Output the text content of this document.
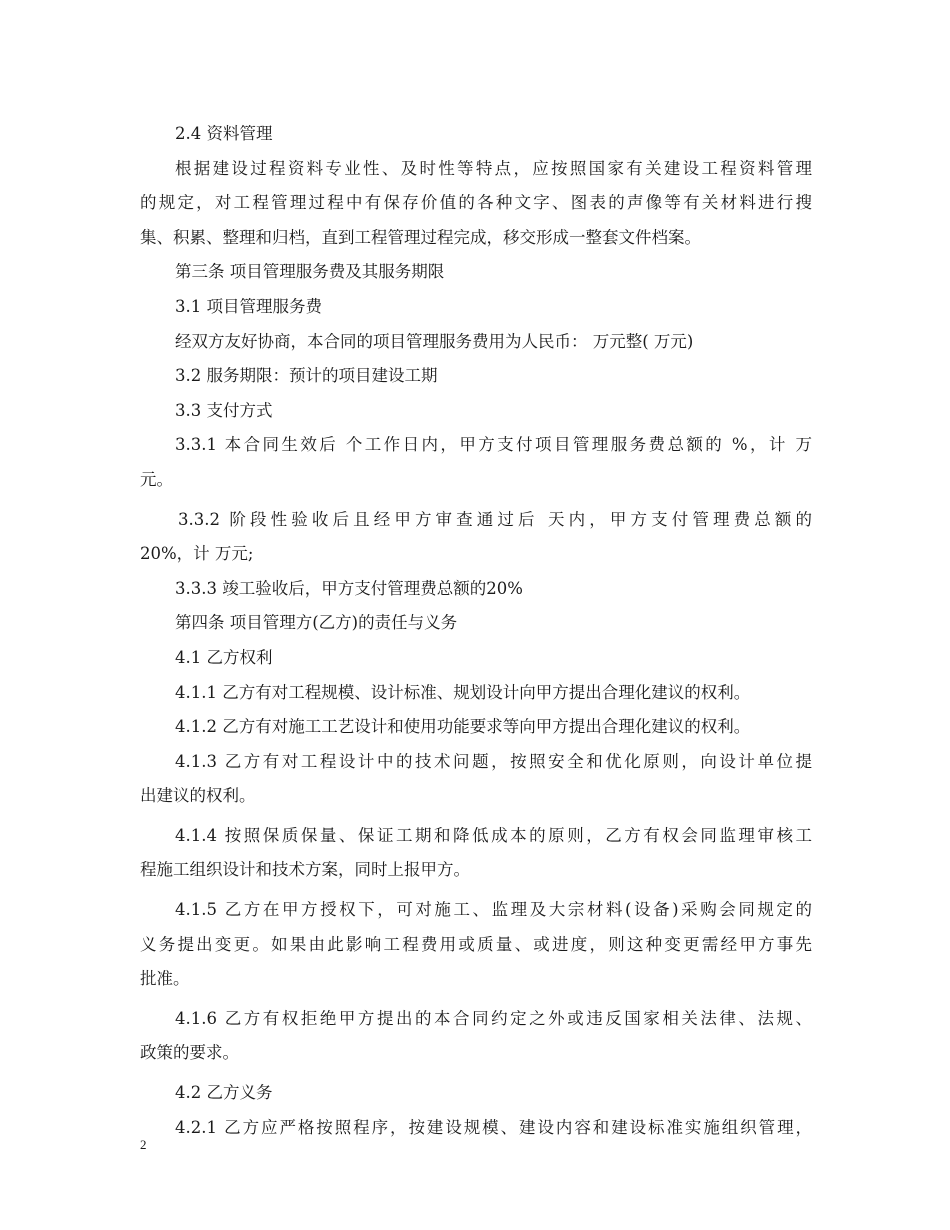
2.4 资料管理
根据建设过程资料专业性、及时性等特点，应按照国家有关建设工程资料管理
的规定，对工程管理过程中有保存价值的各种文字、图表的声像等有关材料进行搜
集、积累、整理和归档，直到工程管理过程完成，移交形成一整套文件档案。
第三条 项目管理服务费及其服务期限
3.1 项目管理服务费
经双方友好协商，本合同的项目管理服务费用为人民币： 万元整( 万元)
3.2 服务期限：预计的项目建设工期
3.3 支付方式
3.3.1 本合同生效后 个工作日内，甲方支付项目管理服务费总额的 %，计 万
元。
3.3.2 阶段性验收后且经甲方审查通过后 天内，甲方支付管理费总额的
20%，计 万元;
3.3.3 竣工验收后，甲方支付管理费总额的20%
第四条 项目管理方(乙方)的责任与义务
4.1 乙方权利
4.1.1 乙方有对工程规模、设计标准、规划设计向甲方提出合理化建议的权利。
4.1.2 乙方有对施工工艺设计和使用功能要求等向甲方提出合理化建议的权利。
4.1.3 乙方有对工程设计中的技术问题，按照安全和优化原则，向设计单位提
出建议的权利。
4.1.4 按照保质保量、保证工期和降低成本的原则，乙方有权会同监理审核工
程施工组织设计和技术方案，同时上报甲方。
4.1.5 乙方在甲方授权下，可对施工、监理及大宗材料(设备)采购会同规定的
义务提出变更。如果由此影响工程费用或质量、或进度，则这种变更需经甲方事先
批准。
4.1.6 乙方有权拒绝甲方提出的本合同约定之外或违反国家相关法律、法规、
政策的要求。
4.2 乙方义务
4.2.1 乙方应严格按照程序，按建设规模、建设内容和建设标准实施组织管理，
2
